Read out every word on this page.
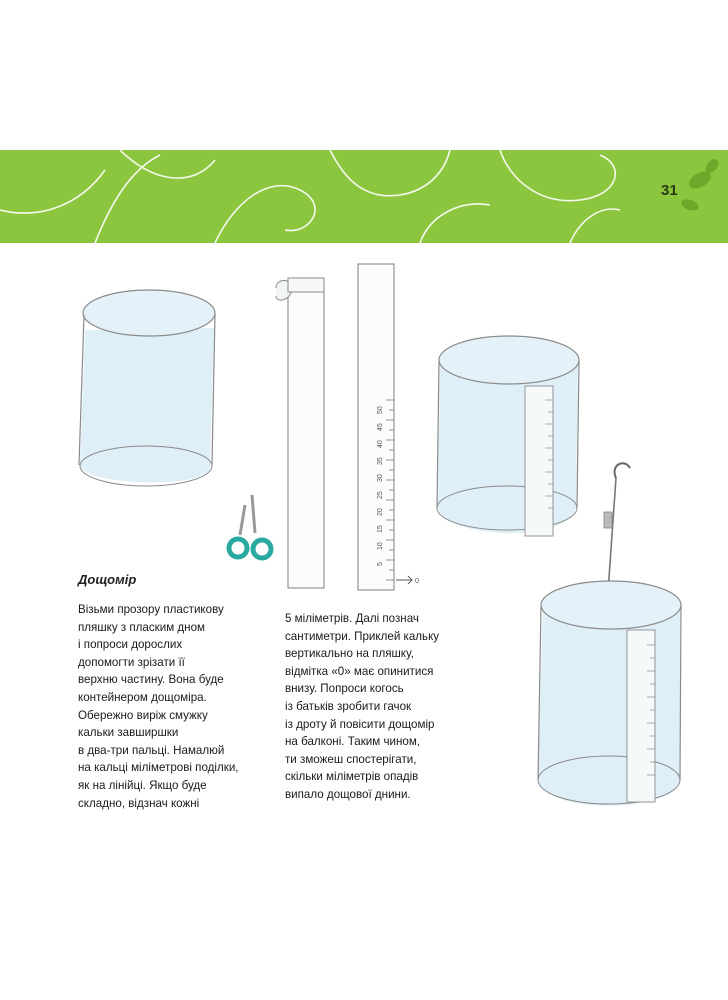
31
5
10
15
20
25
30
35
40
45
50
0
Дощомір
Візьми прозору пластикову
пляшку з пласким дном
і попроси дорослих
допомогти зрізати її
верхню частину. Вона буде
контейнером дощоміра.
Обережно виріж смужку
кальки завширшки
в два-три пальці. Намалюй
на кальці міліметрові поділки,
як на лінійці. Якщо буде
складно, відзнач кожні
5 міліметрів. Далі познач
сантиметри. Приклей кальку
вертикально на пляшку,
відмітка «0» має опинитися
внизу. Попроси когось
із батьків зробити гачок
із дроту й повісити дощомір
на балконі. Таким чином,
ти зможеш спостерігати,
скільки міліметрів опадів
випало дощової днини.
